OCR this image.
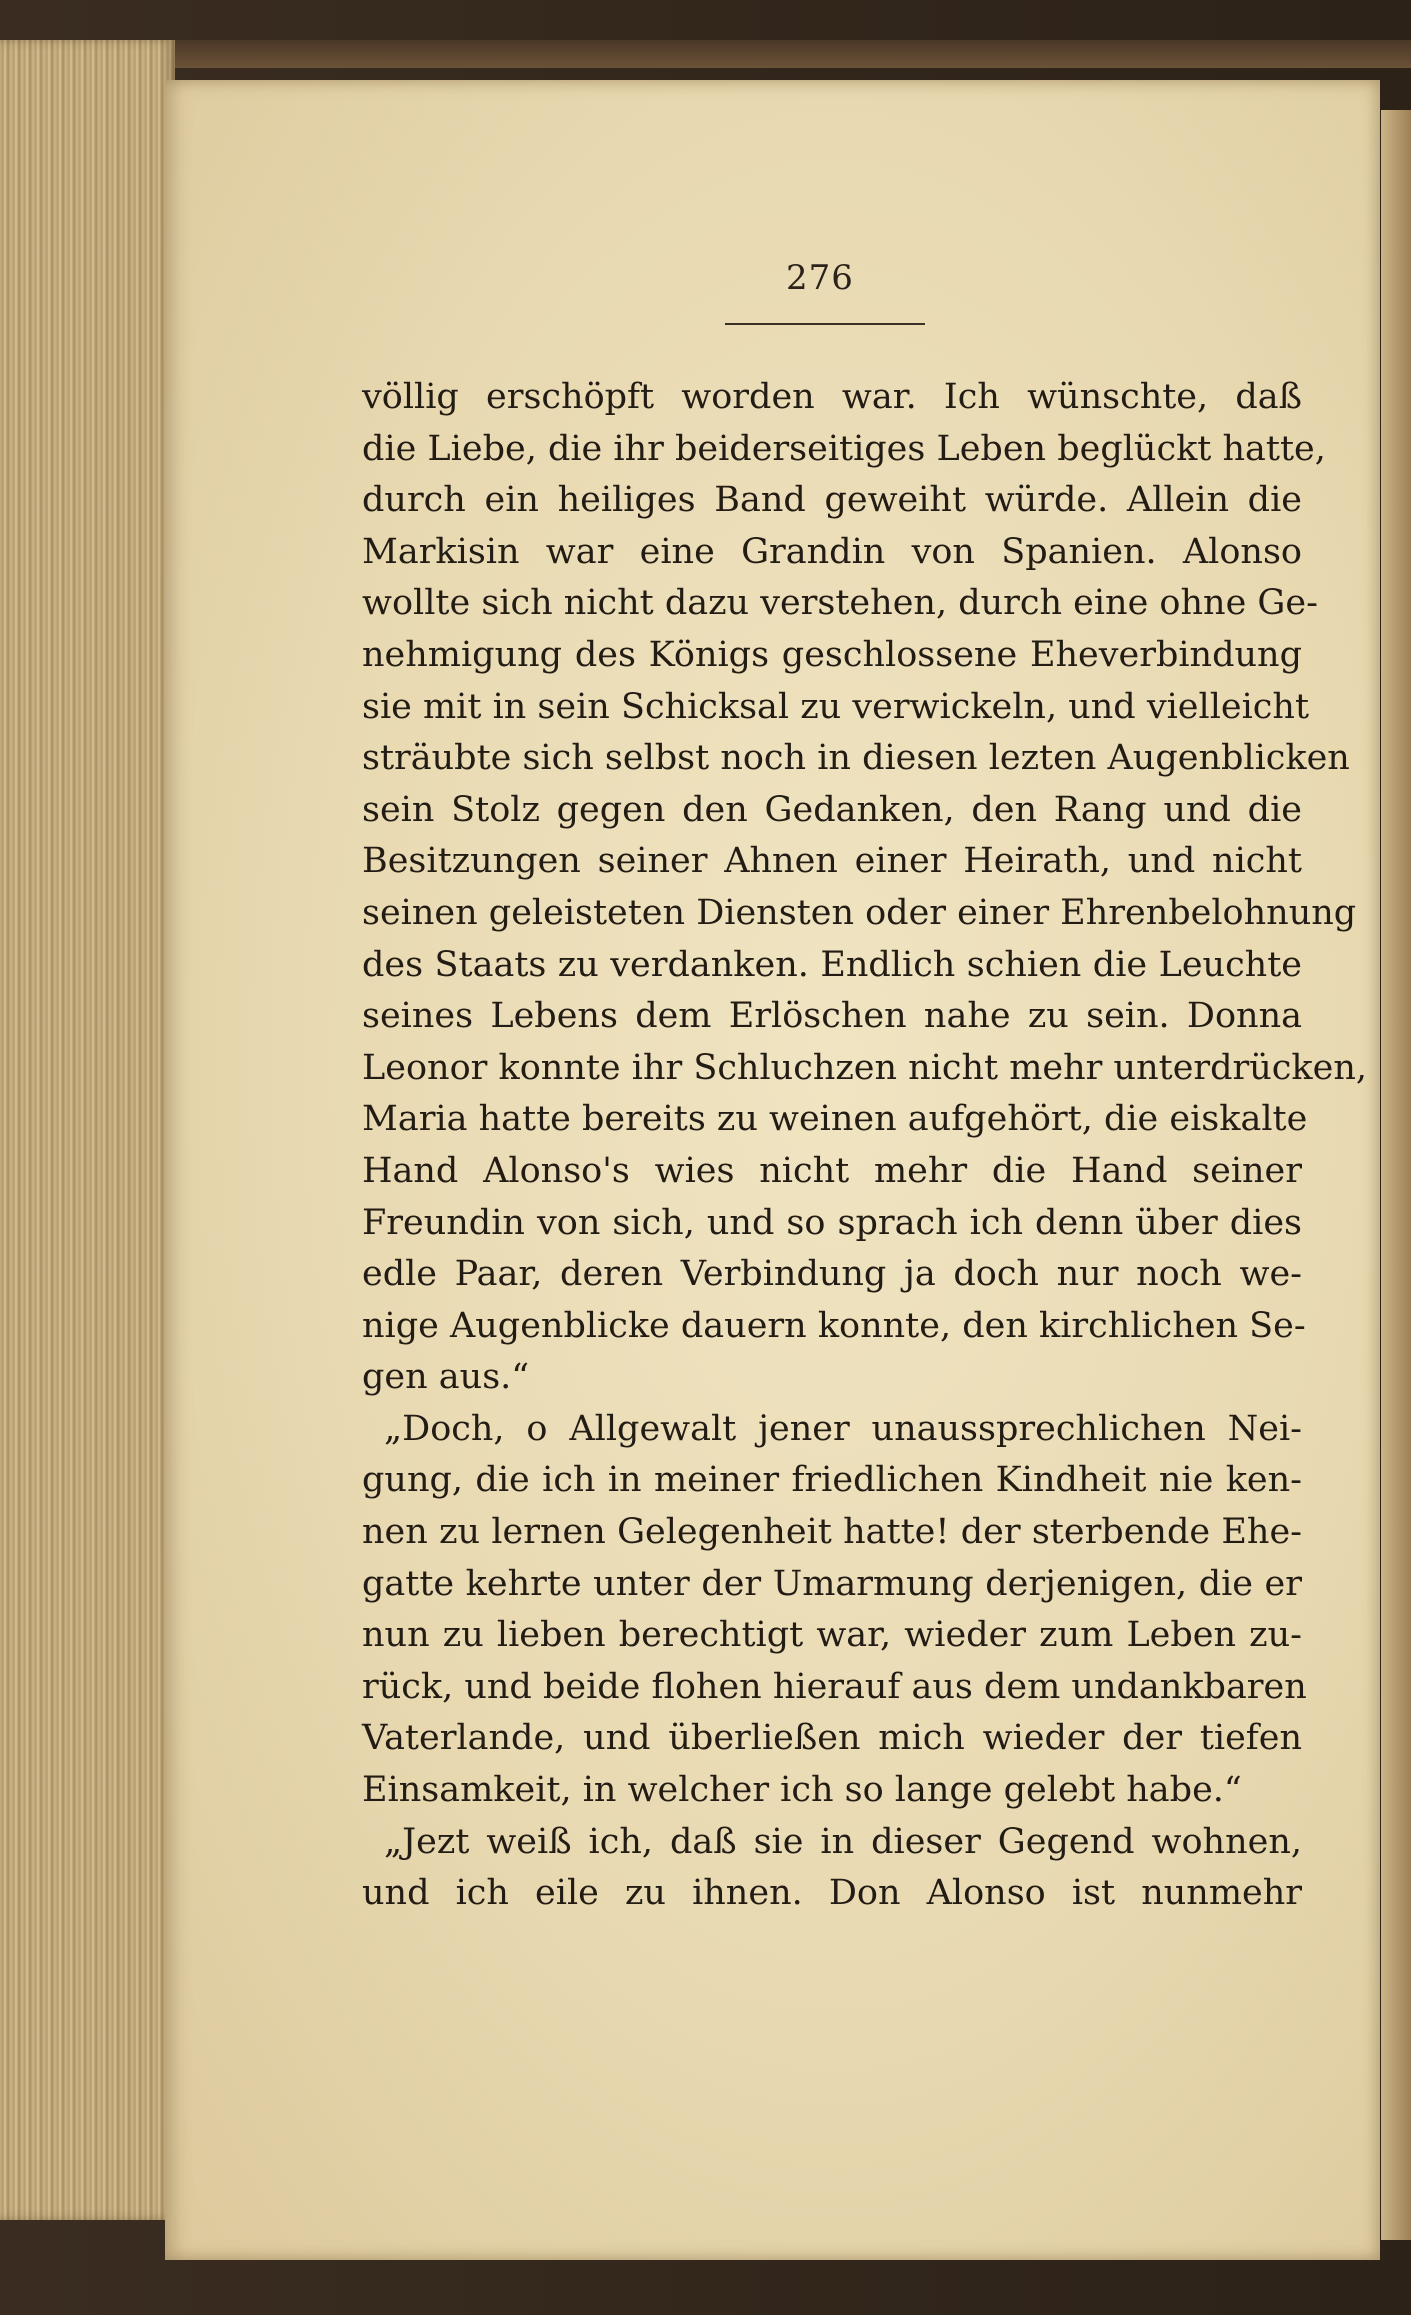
276
völlig erschöpft worden war. Ich wünschte, daß
die Liebe, die ihr beiderseitiges Leben beglückt hatte,
durch ein heiliges Band geweiht würde. Allein die
Markisin war eine Grandin von Spanien. Alonso
wollte sich nicht dazu verstehen, durch eine ohne Ge-
nehmigung des Königs geschlossene Eheverbindung
sie mit in sein Schicksal zu verwickeln, und vielleicht
sträubte sich selbst noch in diesen lezten Augenblicken
sein Stolz gegen den Gedanken, den Rang und die
Besitzungen seiner Ahnen einer Heirath, und nicht
seinen geleisteten Diensten oder einer Ehrenbelohnung
des Staats zu verdanken. Endlich schien die Leuchte
seines Lebens dem Erlöschen nahe zu sein. Donna
Leonor konnte ihr Schluchzen nicht mehr unterdrücken,
Maria hatte bereits zu weinen aufgehört, die eiskalte
Hand Alonso's wies nicht mehr die Hand seiner
Freundin von sich, und so sprach ich denn über dies
edle Paar, deren Verbindung ja doch nur noch we-
nige Augenblicke dauern konnte, den kirchlichen Se-
gen aus.“
„Doch, o Allgewalt jener unaussprechlichen Nei-
gung, die ich in meiner friedlichen Kindheit nie ken-
nen zu lernen Gelegenheit hatte! der sterbende Ehe-
gatte kehrte unter der Umarmung derjenigen, die er
nun zu lieben berechtigt war, wieder zum Leben zu-
rück, und beide flohen hierauf aus dem undankbaren
Vaterlande, und überließen mich wieder der tiefen
Einsamkeit, in welcher ich so lange gelebt habe.“
„Jezt weiß ich, daß sie in dieser Gegend wohnen,
und ich eile zu ihnen. Don Alonso ist nunmehr
